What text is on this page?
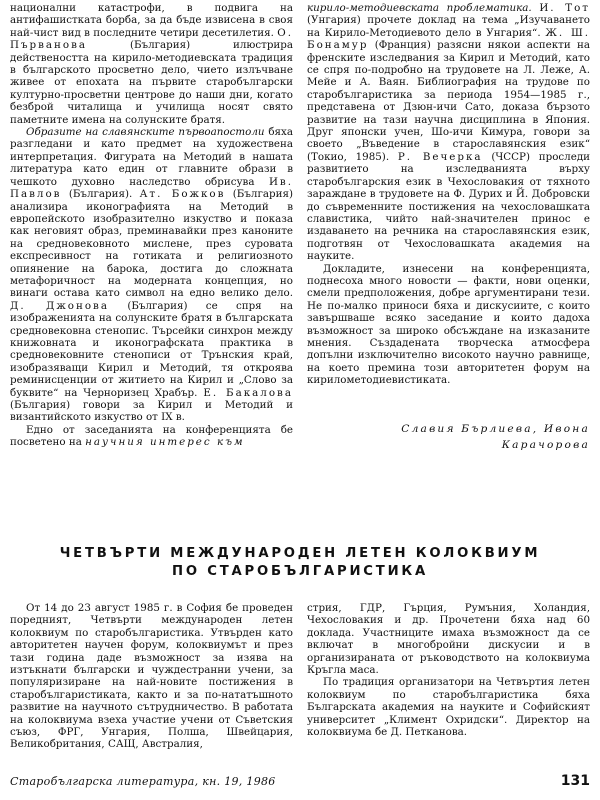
национални катастрофи, в подвига на антифашистката борба, за да бъде извисена в своя най-чист вид в последните четири десетилетия. О. Първанова	(България) илюстрира действеността на кирило-методиевската традиция в българското просветно дело, чието излъчване живее от епохата на първите старобългарски културно-просветни центрове до наши дни, когато безброй читалища и училища носят свято паметните имена на солунските братя.

Образите на славянските първоапостоли бяха разгледани и като предмет на художествена интерпретация. Фигурата на Методий в нашата литература като един от главните образи в чешкото духовно наследство обрисува Ив. Павлов (България). Ат. Божков (България) анализира иконографията на Методий в европейското изобразително изкуство и показа как неговият образ, преминавайки през каноните на средновековното мислене, през суровата експресивност на готиката и религиозното опиянение на барока, достига до сложната метафоричност на модерната концепция, но винаги остава като символ на едно велико дело. Д. Джонова (България) се спря на изображенията на солунските братя в българската средновековна стенопис. Търсейки синхрон между книжовната и иконографската практика в средновековните стенописи от Трънския край, изобразяващи Кирил и Методий, тя откроява реминисценции от житието на Кирил и „Слово за буквите“ на Черноризец Храбър. Е. Бакалова (България) говори за Кирил и Методий и византийското изкуство от IX в.

Едно от заседанията на конференцията бе посветено на научния интерес към

кирило-методиевската проблематика. И. Тот (Унгария) прочете доклад на тема „Изучаването на Кирило-Методиевото дело в Унгария“. Ж. Ш. Бонамур (Франция) разясни някои аспекти на френските изследвания за Кирил и Методий, като се спря по-подробно на трудовете на Л. Леже, А. Мейе и А. Ваян. Библиография на трудове по старобългаристика за периода 1954—1985 г., представена от Дзюн-ичи Сато, доказа бързото развитие на тази научна дисциплина в Япония. Друг японски учен, Шо-ичи Кимура, говори за своето „Въведение в старославянския език“ (Токио, 1985). Р. Вечерка (ЧССР) проследи развитието на изследванията върху старобългарския език в Чехословакия от тяхното зараждане в трудовете на Ф. Дурих и Й. Добровски до съвременните постижения на чехословашката славистика, чийто най-значителен принос е издаването на речника на старославянския език, подготвян от Чехословашката академия на науките.

Докладите, изнесени на конференцията, поднесоха много новости — факти, нови оценки, смели предположения, добре аргументирани тези. Не по-малко приноси бяха и дискусиите, с които завършваше всяко заседание и които дадоха възможност за широко обсъждане на изказаните мнения. Създадената творческа атмосфера допълни изключително високото научно равнище, на което премина този авторитетен форум на кирилометодиевистиката.

Славия Бърлиева, Ивона
Карачорова
ЧЕТВЪРТИ МЕЖДУНАРОДЕН ЛЕТЕН КОЛОКВИУМ
ПО СТАРОБЪЛГАРИСТИКА

От 14 до 23 август 1985 г. в София бе проведен поредният, Четвърти международен летен колоквиум по старобългаристика. Утвърден като авторитетен научен форум, колоквиумът и през тази година даде възможност за изява на изтъкнати български и чуждестранни учени, за популяризиране на най-новите постижения в старобългаристиката, както и за по-нататъшното развитие на научното сътрудничество. В работата на колоквиума взеха участие учени от Съветския съюз, ФРГ, Унгария, Полша, Швейцария, Великобритания, САЩ, Австралия,

стрия, ГДР, Гърция, Румъния, Холандия, Чехословакия и др. Прочетени бяха над 60 доклада. Участниците имаха възможност да се включат в многобройни дискусии и в организираната от ръководството на колоквиума Кръгла маса.

По традиция организатори на Четвъртия летен колоквиум по старобългаристика бяха Българската академия на науките и Софийският университет „Климент Охридски“. Директор на колоквиума бе Д. Петканова.

Старобългарска литература, кн. 19, 1986	131
